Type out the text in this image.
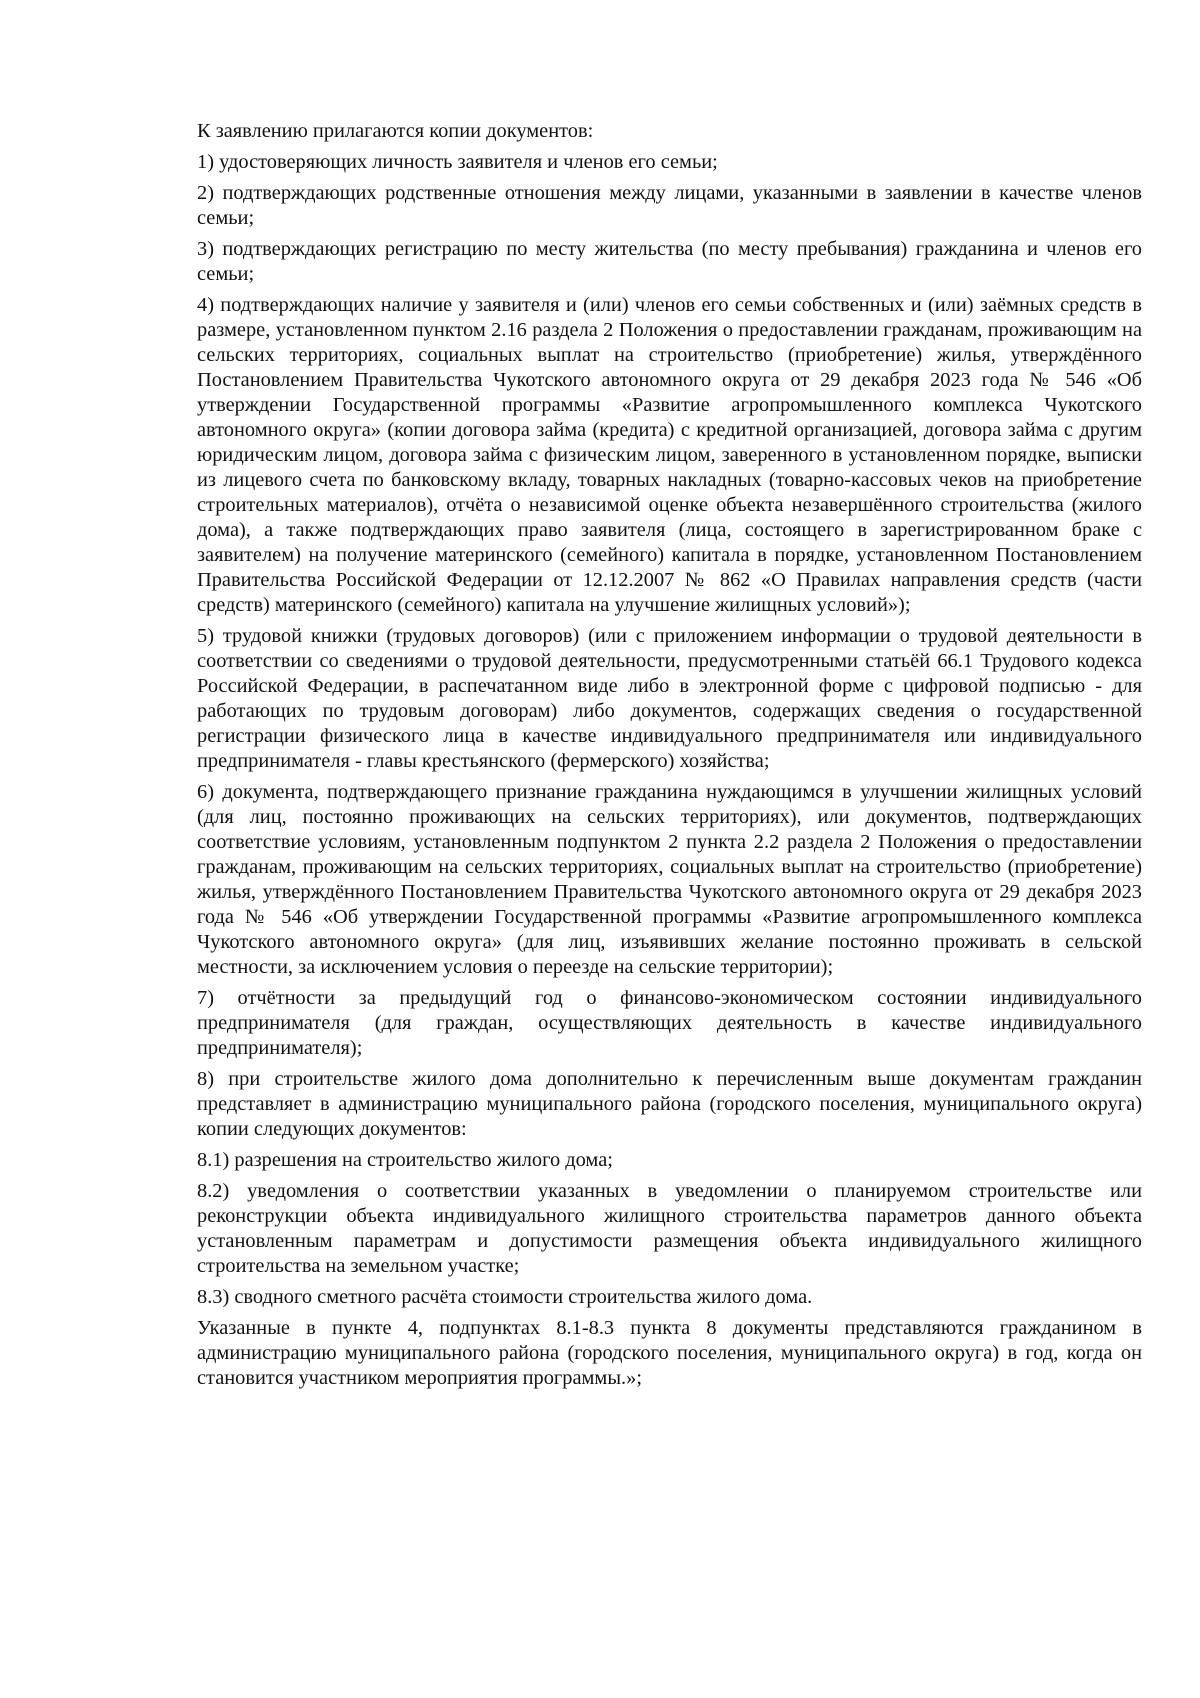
К заявлению прилагаются копии документов:

1) удостоверяющих личность заявителя и членов его семьи;

2) подтверждающих родственные отношения между лицами, указанными в заявлении в качестве членов семьи;

3) подтверждающих регистрацию по месту жительства (по месту пребывания) гражданина и членов его семьи;

4) подтверждающих наличие у заявителя и (или) членов его семьи собственных и (или) заёмных средств в размере, установленном пунктом 2.16 раздела 2 Положения о предоставлении гражданам, проживающим на сельских территориях, социальных выплат на строительство (приобретение) жилья, утверждённого Постановлением Правительства Чукотского автономного округа от 29 декабря 2023 года № 546 «Об утверждении Государственной программы «Развитие агропромышленного комплекса Чукотского автономного округа» (копии договора займа (кредита) с кредитной организацией, договора займа с другим юридическим лицом, договора займа с физическим лицом, заверенного в установленном порядке, выписки из лицевого счета по банковскому вкладу, товарных накладных (товарно-кассовых чеков на приобретение строительных материалов), отчёта о независимой оценке объекта незавершённого строительства (жилого дома), а также подтверждающих право заявителя (лица, состоящего в зарегистрированном браке с заявителем) на получение материнского (семейного) капитала в порядке, установленном Постановлением Правительства Российской Федерации от 12.12.2007 № 862 «О Правилах направления средств (части средств) материнского (семейного) капитала на улучшение жилищных условий»);

5) трудовой книжки (трудовых договоров) (или с приложением информации о трудовой деятельности в соответствии со сведениями о трудовой деятельности, предусмотренными статьёй 66.1 Трудового кодекса Российской Федерации, в распечатанном виде либо в электронной форме с цифровой подписью - для работающих по трудовым договорам) либо документов, содержащих сведения о государственной регистрации физического лица в качестве индивидуального предпринимателя или индивидуального предпринимателя - главы крестьянского (фермерского) хозяйства;

6) документа, подтверждающего признание гражданина нуждающимся в улучшении жилищных условий (для лиц, постоянно проживающих на сельских территориях), или документов, подтверждающих соответствие условиям, установленным подпунктом 2 пункта 2.2 раздела 2 Положения о предоставлении гражданам, проживающим на сельских территориях, социальных выплат на строительство (приобретение) жилья, утверждённого Постановлением Правительства Чукотского автономного округа от 29 декабря 2023 года № 546 «Об утверждении Государственной программы «Развитие агропромышленного комплекса Чукотского автономного округа» (для лиц, изъявивших желание постоянно проживать в сельской местности, за исключением условия о переезде на сельские территории);

7) отчётности за предыдущий год о финансово-экономическом состоянии индивидуального предпринимателя (для граждан, осуществляющих деятельность в качестве индивидуального предпринимателя);

8) при строительстве жилого дома дополнительно к перечисленным выше документам гражданин представляет в администрацию муниципального района (городского поселения, муниципального округа) копии следующих документов:

8.1) разрешения на строительство жилого дома;

8.2) уведомления о соответствии указанных в уведомлении о планируемом строительстве или реконструкции объекта индивидуального жилищного строительства параметров данного объекта установленным параметрам и допустимости размещения объекта индивидуального жилищного строительства на земельном участке;

8.3) сводного сметного расчёта стоимости строительства жилого дома.

Указанные в пункте 4, подпунктах 8.1-8.3 пункта 8 документы представляются гражданином в администрацию муниципального района (городского поселения, муниципального округа) в год, когда он становится участником мероприятия программы.»;
